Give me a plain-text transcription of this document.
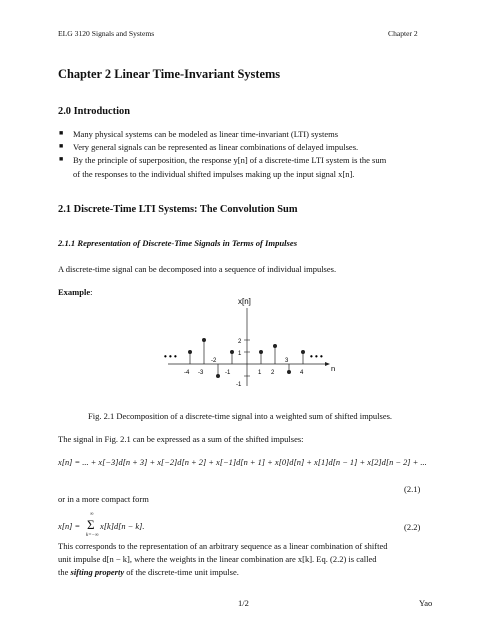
ELG 3120 Signals and Systems	Chapter 2
Chapter 2 Linear Time-Invariant Systems
2.0 Introduction
■ Many physical systems can be modeled as linear time-invariant (LTI) systems
■ Very general signals can be represented as linear combinations of delayed impulses.
■ By the principle of superposition, the response y[n] of a discrete-time LTI system is the sum
of the responses to the individual shifted impulses making up the input signal x[n].
2.1 Discrete-Time LTI Systems: The Convolution Sum
2.1.1 Representation of Discrete-Time Signals in Terms of Impulses
A discrete-time signal can be decomposed into a sequence of individual impulses.
Example:
x[n]
n
• • •	• • •
2
1
-1
-2	3
-4 -3	-1	1 2	4
Fig. 2.1 Decomposition of a discrete-time signal into a weighted sum of shifted impulses.
The signal in Fig. 2.1 can be expressed as a sum of the shifted impulses:
x[n] = ... + x[−3]d[n + 3] + x[−2]d[n + 2] + x[−1]d[n + 1] + x[0]d[n] + x[1]d[n − 1] + x[2]d[n − 2] + ...
(2.1)
or in a more compact form
x[n] =
∞
Σ
k=−∞
x[k]d[n − k].	(2.2)
This corresponds to the representation of an arbitrary sequence as a linear combination of shifted
unit impulse d[n − k], where the weights in the linear combination are x[k]. Eq. (2.2) is called
the sifting property of the discrete-time unit impulse.
1/2	Yao
